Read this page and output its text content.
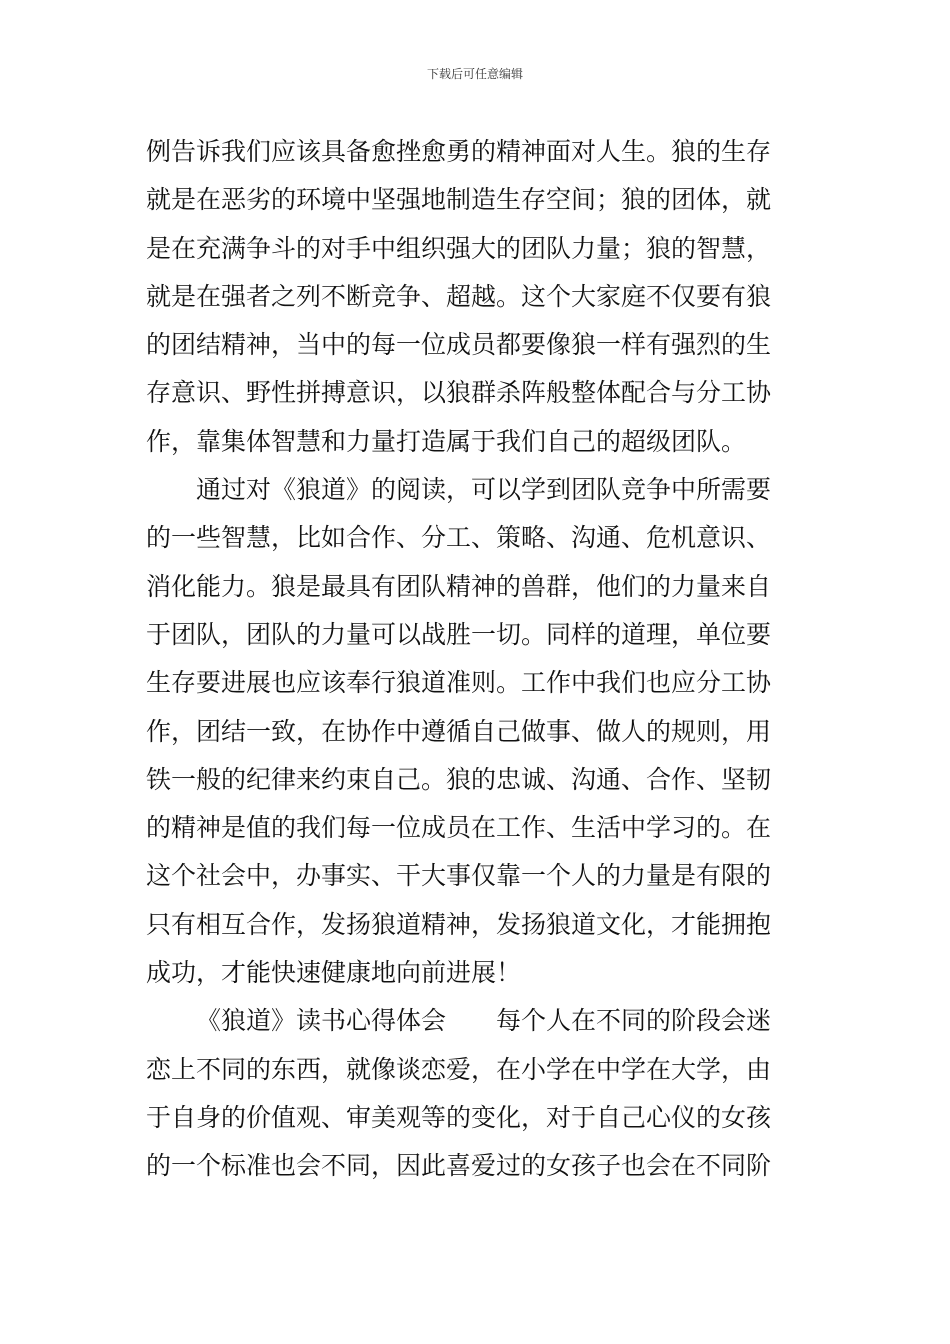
下载后可任意编辑
例告诉我们应该具备愈挫愈勇的精神面对人生。狼的生存
就是在恶劣的环境中坚强地制造生存空间；狼的团体，就
是在充满争斗的对手中组织强大的团队力量；狼的智慧，
就是在强者之列不断竞争、超越。这个大家庭不仅要有狼
的团结精神，当中的每一位成员都要像狼一样有强烈的生
存意识、野性拼搏意识，以狼群杀阵般整体配合与分工协
作，靠集体智慧和力量打造属于我们自己的超级团队。
通过对《狼道》的阅读，可以学到团队竞争中所需要
的一些智慧，比如合作、分工、策略、沟通、危机意识、
消化能力。狼是最具有团队精神的兽群，他们的力量来自
于团队，团队的力量可以战胜一切。同样的道理，单位要
生存要进展也应该奉行狼道准则。工作中我们也应分工协
作，团结一致，在协作中遵循自己做事、做人的规则，用
铁一般的纪律来约束自己。狼的忠诚、沟通、合作、坚韧
的精神是值的我们每一位成员在工作、生活中学习的。在
这个社会中，办事实、干大事仅靠一个人的力量是有限的
只有相互合作，发扬狼道精神，发扬狼道文化，才能拥抱
成功，才能快速健康地向前进展！
《狼道》读书心得体会　　每个人在不同的阶段会迷
恋上不同的东西，就像谈恋爱，在小学在中学在大学，由
于自身的价值观、审美观等的变化，对于自己心仪的女孩
的一个标准也会不同，因此喜爱过的女孩子也会在不同阶
